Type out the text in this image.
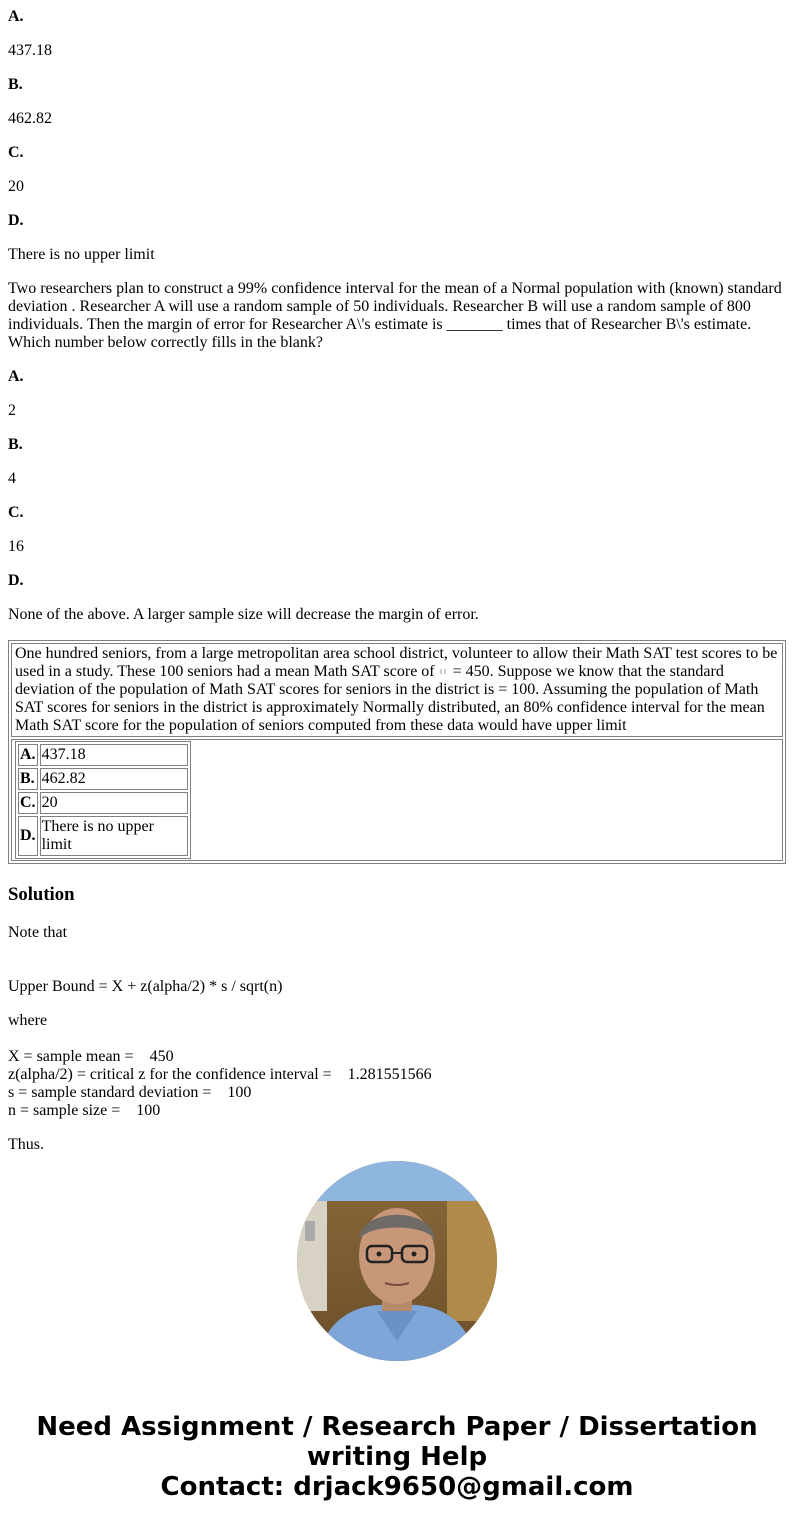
A.

437.18

B.

462.82

C.

20

D.

There is no upper limit

Two researchers plan to construct a 99% confidence interval for the mean of a Normal population with (known) standard deviation . Researcher A will use a random sample of 50 individuals. Researcher B will use a random sample of 800 individuals. Then the margin of error for Researcher A\'s estimate is _______ times that of Researcher B\'s estimate. Which number below correctly fills in the blank?

A.

2

B.

4

C.

16

D.

None of the above. A larger sample size will decrease the margin of error.

One hundred seniors, from a large metropolitan area school district, volunteer to allow their Math SAT test scores to be used in a study. These 100 seniors had a mean Math SAT score of = 450. Suppose we know that the standard deviation of the population of Math SAT scores for seniors in the district is = 100. Assuming the population of Math SAT scores for seniors in the district is approximately Normally distributed, an 80% confidence interval for the mean Math SAT score for the population of seniors computed from these data would have upper limit

A.	437.18
B.	462.82
C.	20
D.	There is no upper limit
Solution

Note that

Upper Bound = X + z(alpha/2) * s / sqrt(n)

where

X = sample mean =    450

z(alpha/2) = critical z for the confidence interval =    1.281551566

s = sample standard deviation =    100

n = sample size =    100

Thus.

Need Assignment / Research Paper / Dissertation
writing Help
Contact: drjack9650@gmail.com
